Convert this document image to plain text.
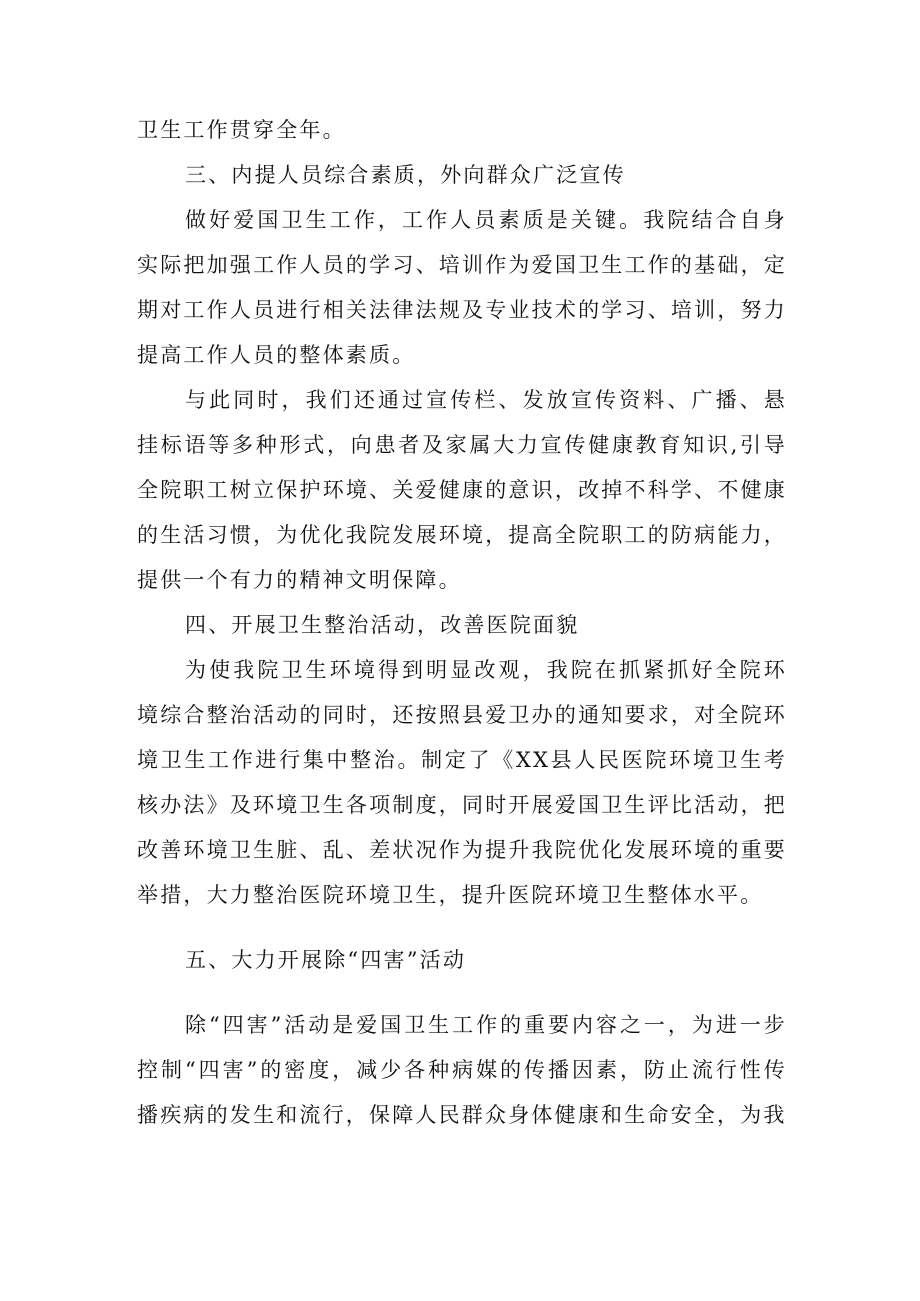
卫生工作贯穿全年。

三、内提人员综合素质，外向群众广泛宣传

做好爱国卫生工作，工作人员素质是关键。我院结合自身实际把加强工作人员的学习、培训作为爱国卫生工作的基础，定期对工作人员进行相关法律法规及专业技术的学习、培训，努力提高工作人员的整体素质。

与此同时，我们还通过宣传栏、发放宣传资料、广播、悬挂标语等多种形式，向患者及家属大力宣传健康教育知识,引导全院职工树立保护环境、关爱健康的意识，改掉不科学、不健康的生活习惯，为优化我院发展环境，提高全院职工的防病能力，提供一个有力的精神文明保障。

四、开展卫生整治活动，改善医院面貌

为使我院卫生环境得到明显改观，我院在抓紧抓好全院环境综合整治活动的同时，还按照县爱卫办的通知要求，对全院环境卫生工作进行集中整治。制定了《XX县人民医院环境卫生考核办法》及环境卫生各项制度，同时开展爱国卫生评比活动，把改善环境卫生脏、乱、差状况作为提升我院优化发展环境的重要举措，大力整治医院环境卫生，提升医院环境卫生整体水平。

五、大力开展除“四害”活动

除“四害”活动是爱国卫生工作的重要内容之一，为进一步控制“四害”的密度，减少各种病媒的传播因素，防止流行性传播疾病的发生和流行，保障人民群众身体健康和生命安全，为我
